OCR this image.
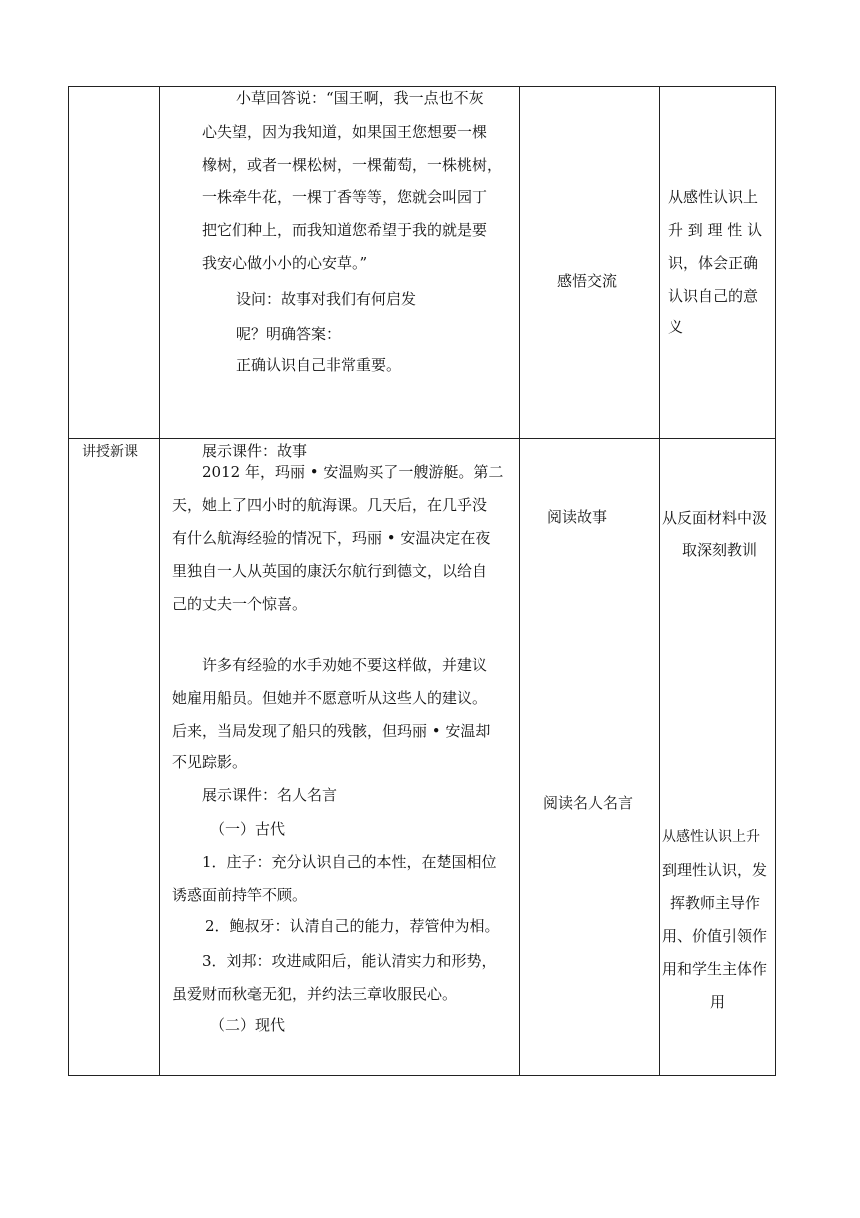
小草回答说：“国王啊，我一点也不灰
心失望，因为我知道，如果国王您想要一棵
橡树，或者一棵松树，一棵葡萄，一株桃树，
一株牵牛花，一棵丁香等等，您就会叫园丁
把它们种上，而我知道您希望于我的就是要
我安心做小小的心安草。”
设问：故事对我们有何启发
呢？明确答案：
正确认识自己非常重要。
感悟交流
从感性认识上
升 到 理 性 认
识，体会正确
认识自己的意
义
讲授新课	展示课件：故事
2012 年，玛丽 • 安温购买了一艘游艇。第二
天，她上了四小时的航海课。几天后，在几乎没
有什么航海经验的情况下，玛丽 • 安温决定在夜
里独自一人从英国的康沃尔航行到德文，以给自
己的丈夫一个惊喜。
许多有经验的水手劝她不要这样做，并建议
她雇用船员。但她并不愿意听从这些人的建议。
后来，当局发现了船只的残骸，但玛丽 • 安温却
不见踪影。
展示课件：名人名言
（一）古代
1．庄子：充分认识自己的本性，在楚国相位
诱惑面前持竿不顾。
2．鲍叔牙：认清自己的能力，荐管仲为相。
3．刘邦：攻进咸阳后，能认清实力和形势，
虽爱财而秋毫无犯，并约法三章收服民心。
（二）现代
阅读故事
阅读名人名言
从反面材料中汲
取深刻教训
从感性认识上升
到理性认识，发
挥教师主导作
用、价值引领作
用和学生主体作
用
